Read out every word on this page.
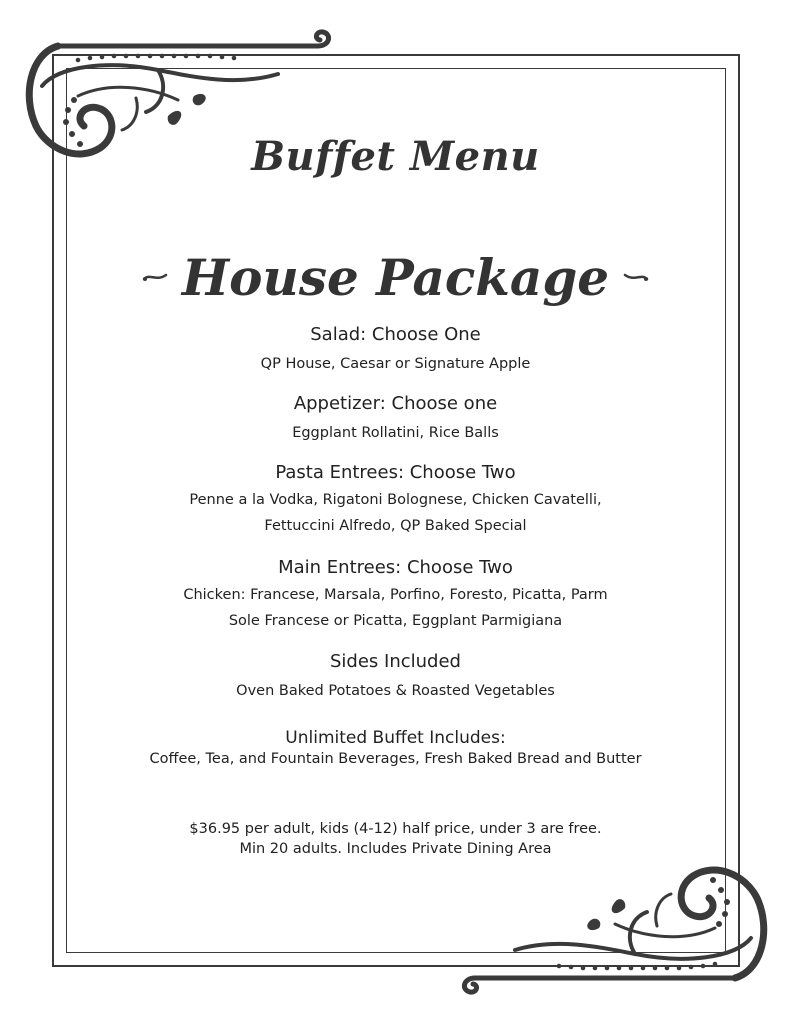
Buffet Menu
House Package

Salad: Choose One

QP House, Caesar or Signature Apple

Appetizer: Choose one

Eggplant Rollatini, Rice Balls

Pasta Entrees: Choose Two

Penne a la Vodka, Rigatoni Bolognese, Chicken Cavatelli,

Fettuccini Alfredo, QP Baked Special

Main Entrees: Choose Two

Chicken: Francese, Marsala, Porfino, Foresto, Picatta, Parm

Sole Francese or Picatta, Eggplant Parmigiana

Sides Included

Oven Baked Potatoes & Roasted Vegetables

Unlimited Buffet Includes:

Coffee, Tea, and Fountain Beverages, Fresh Baked Bread and Butter

$36.95 per adult, kids (4-12) half price, under 3 are free.

Min 20 adults. Includes Private Dining Area
